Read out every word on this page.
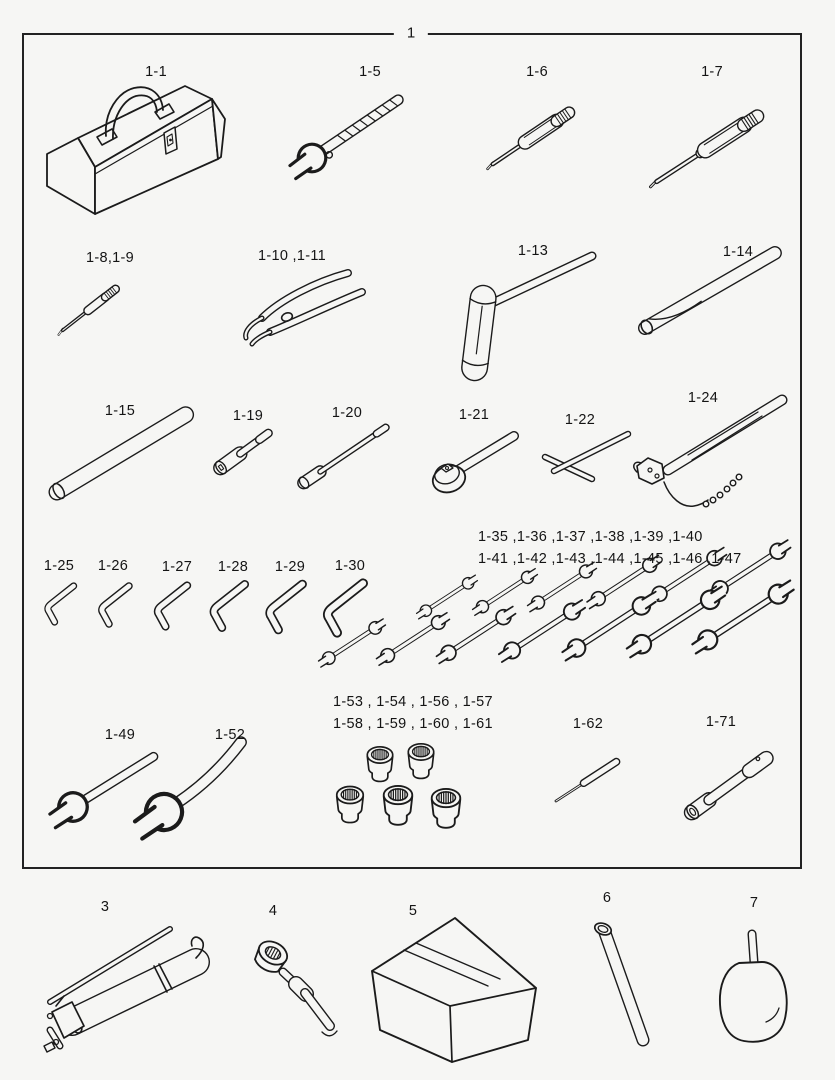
1
1-1	1-5	1-6	1-7
1-8,1-9	1-10 ,1-11	1-13	1-14
1-15	1-19	1-20	1-21	1-22
1-24
1-25 1-26 1-27 1-28 1-29 1-30
1-35 ,1-36 ,1-37 ,1-38 ,1-39 ,1-40
1-41 ,1-42 ,1-43 ,1-44 ,1-45 ,1-46 ,1-47
1-49	1-52
1-53 , 1-54 , 1-56 , 1-57
1-58 , 1-59 , 1-60 , 1-61	1-62	1-71
3	4	5
6	7
